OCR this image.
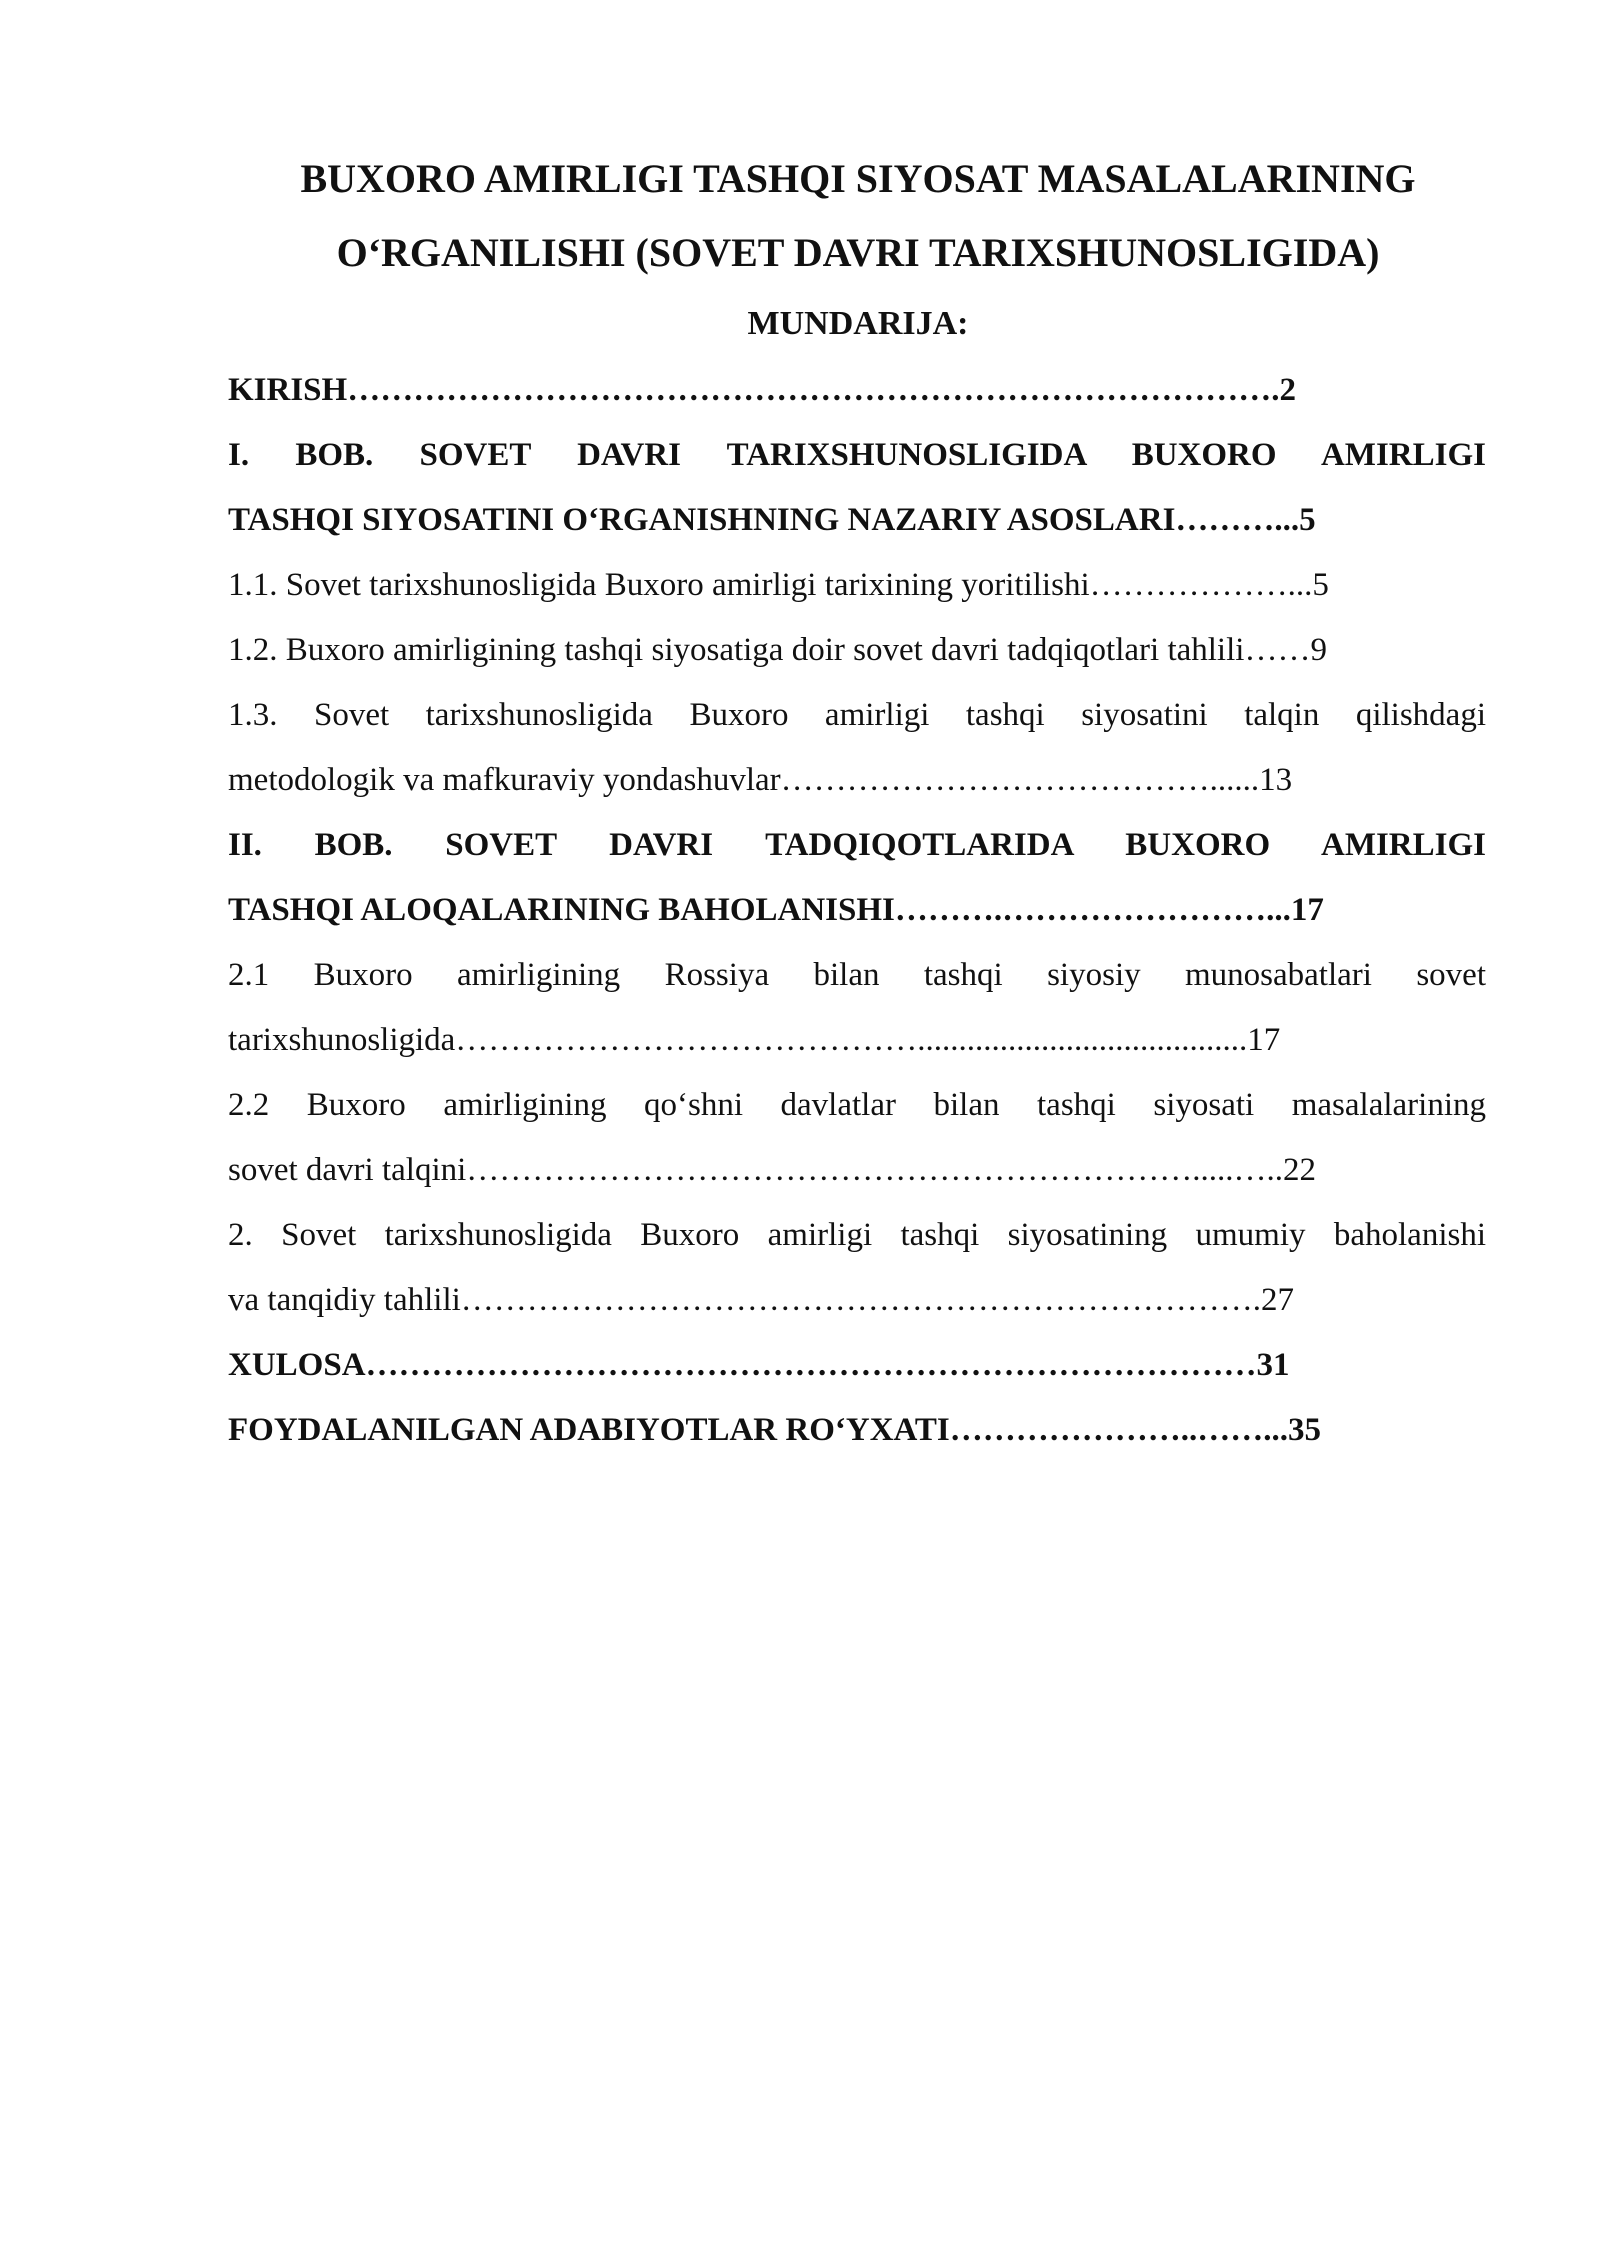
BUXORO AMIRLIGI TASHQI SIYOSAT MASALALARINING
O‘RGANILISHI (SOVET DAVRI TARIXSHUNOSLIGIDA)
MUNDARIJA:
KIRISH………………………………………………………………………….2
I. BOB. SOVET DAVRI TARIXSHUNOSLIGIDA BUXORO AMIRLIGI
TASHQI SIYOSATINI O‘RGANISHNING NAZARIY ASOSLARI………...5
1.1. Sovet tarixshunosligida Buxoro amirligi tarixining yoritilishi………………...5
1.2. Buxoro amirligining tashqi siyosatiga doir sovet davri tadqiqotlari tahlili……9
1.3. Sovet tarixshunosligida Buxoro amirligi tashqi siyosatini talqin qilishdagi
metodologik va mafkuraviy yondashuvlar…………………………………......13
II. BOB. SOVET DAVRI TADQIQOTLARIDA BUXORO AMIRLIGI
TASHQI ALOQALARINING BAHOLANISHI……….……………………...17
2.1 Buxoro amirligining Rossiya bilan tashqi siyosiy munosabatlari sovet
tarixshunosligida……………………………………........................................17
2.2 Buxoro amirligining qo‘shni davlatlar bilan tashqi siyosati masalalarining
sovet davri talqini………………………………………………………….....…..22
2. Sovet tarixshunosligida Buxoro amirligi tashqi siyosatining umumiy baholanishi
va tanqidiy tahlili……………………………………………………………….27
XULOSA………………………………………………………………………31
FOYDALANILGAN ADABIYOTLAR RO‘YXATI…………………..……...35
